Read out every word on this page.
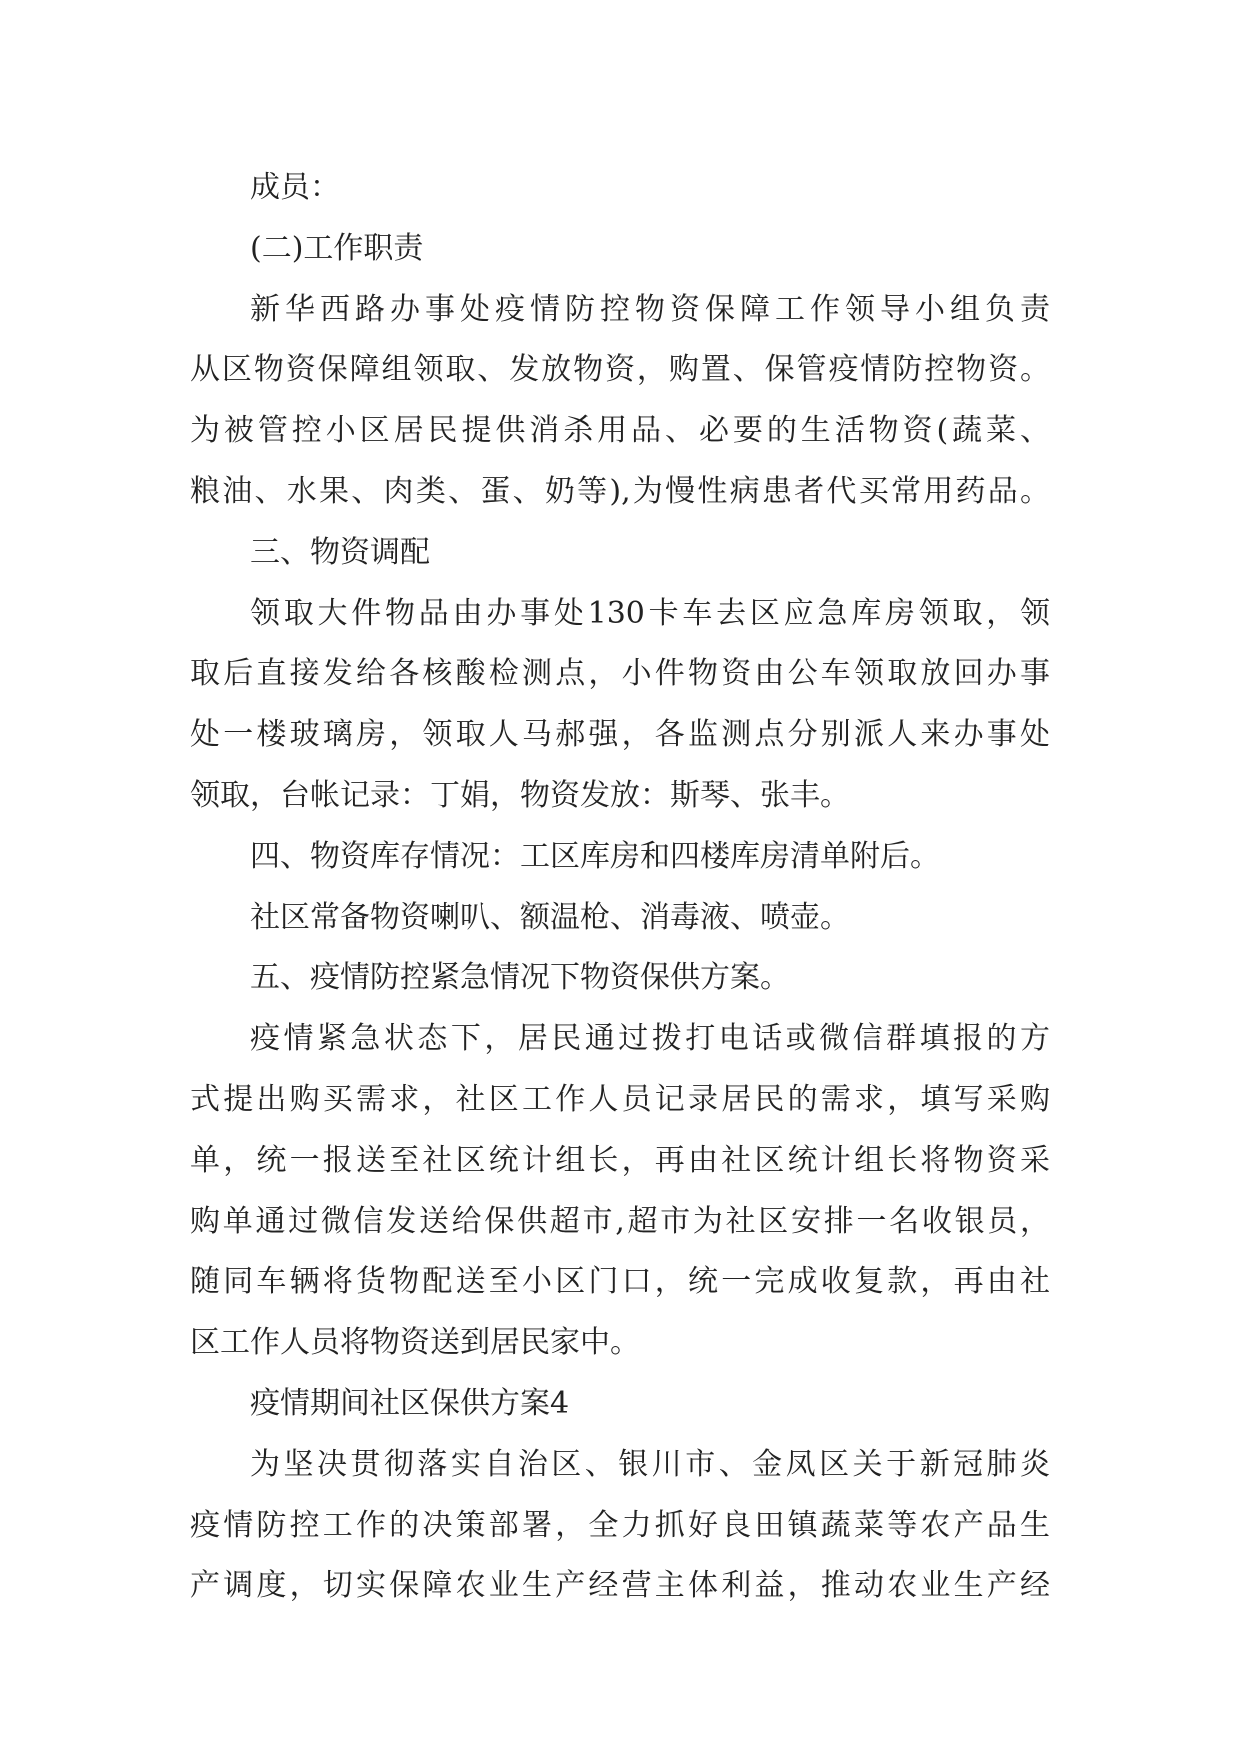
成员：
(二)工作职责
新华西路办事处疫情防控物资保障工作领导小组负责
从区物资保障组领取、发放物资，购置、保管疫情防控物资。
为被管控小区居民提供消杀用品、必要的生活物资(蔬菜、
粮油、水果、肉类、蛋、奶等),为慢性病患者代买常用药品。
三、物资调配
领取大件物品由办事处130卡车去区应急库房领取，领
取后直接发给各核酸检测点，小件物资由公车领取放回办事
处一楼玻璃房，领取人马郝强，各监测点分别派人来办事处
领取，台帐记录：丁娟，物资发放：斯琴、张丰。
四、物资库存情况：工区库房和四楼库房清单附后。
社区常备物资喇叭、额温枪、消毒液、喷壶。
五、疫情防控紧急情况下物资保供方案。
疫情紧急状态下，居民通过拨打电话或微信群填报的方
式提出购买需求，社区工作人员记录居民的需求，填写采购
单，统一报送至社区统计组长，再由社区统计组长将物资采
购单通过微信发送给保供超市,超市为社区安排一名收银员，
随同车辆将货物配送至小区门口，统一完成收复款，再由社
区工作人员将物资送到居民家中。
疫情期间社区保供方案4
为坚决贯彻落实自治区、银川市、金凤区关于新冠肺炎
疫情防控工作的决策部署，全力抓好良田镇蔬菜等农产品生
产调度，切实保障农业生产经营主体利益，推动农业生产经
